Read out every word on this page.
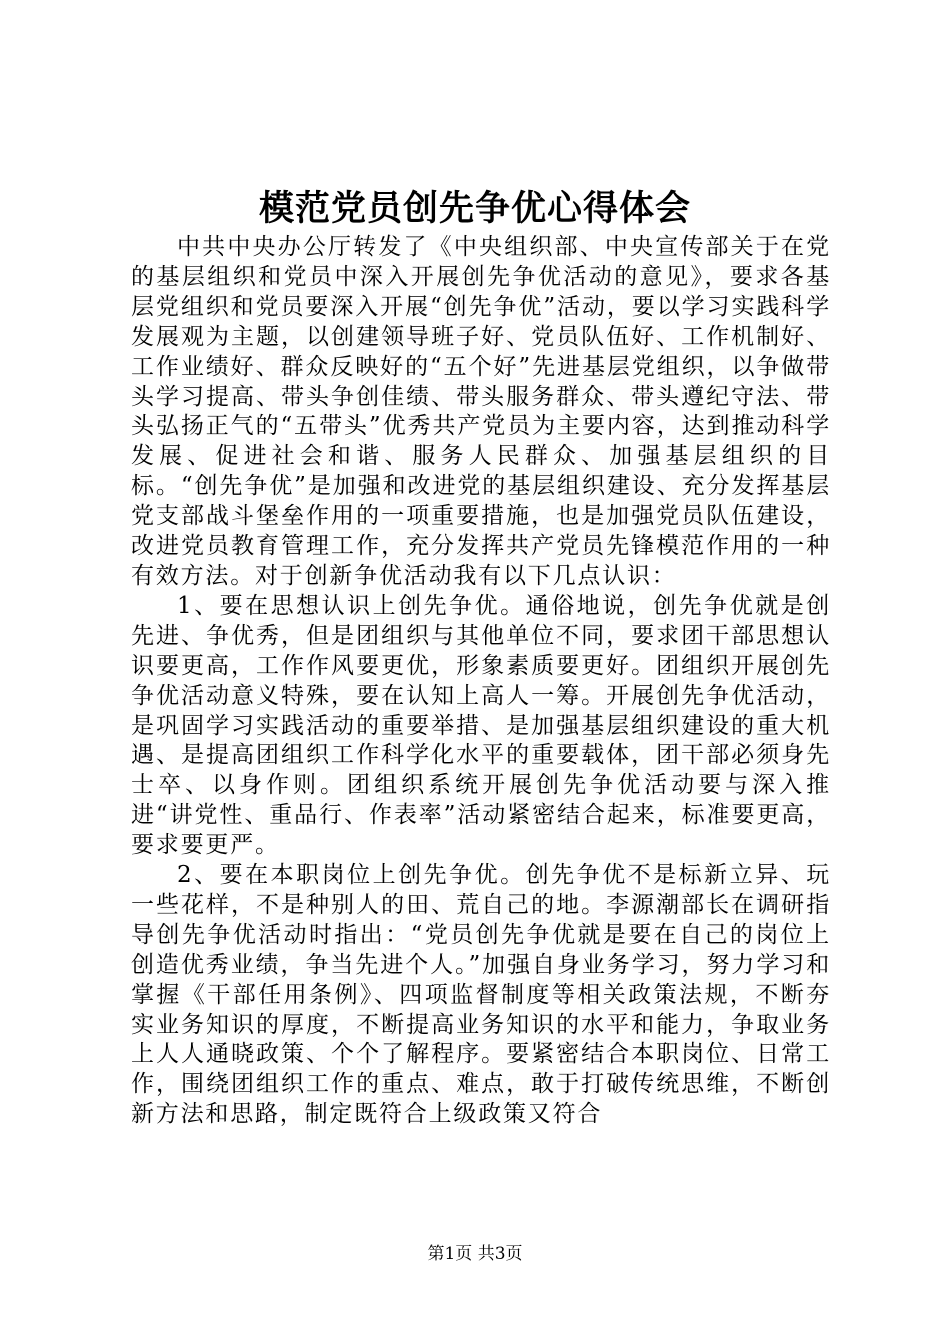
模范党员创先争优心得体会

中共中央办公厅转发了《中央组织部、中央宣传部关于在党的基层组织和党员中深入开展创先争优活动的意见》，要求各基层党组织和党员要深入开展“创先争优”活动，要以学习实践科学发展观为主题，以创建领导班子好、党员队伍好、工作机制好、工作业绩好、群众反映好的“五个好”先进基层党组织，以争做带头学习提高、带头争创佳绩、带头服务群众、带头遵纪守法、带头弘扬正气的“五带头”优秀共产党员为主要内容，达到推动科学发展、促进社会和谐、服务人民群众、加强基层组织的目标。“创先争优”是加强和改进党的基层组织建设、充分发挥基层党支部战斗堡垒作用的一项重要措施，也是加强党员队伍建设，改进党员教育管理工作，充分发挥共产党员先锋模范作用的一种有效方法。对于创新争优活动我有以下几点认识：

1、要在思想认识上创先争优。通俗地说，创先争优就是创先进、争优秀，但是团组织与其他单位不同，要求团干部思想认识要更高，工作作风要更优，形象素质要更好。团组织开展创先争优活动意义特殊，要在认知上高人一筹。开展创先争优活动，是巩固学习实践活动的重要举措、是加强基层组织建设的重大机遇、是提高团组织工作科学化水平的重要载体，团干部必须身先士卒、以身作则。团组织系统开展创先争优活动要与深入推进“讲党性、重品行、作表率”活动紧密结合起来，标准要更高，要求要更严。

2、要在本职岗位上创先争优。创先争优不是标新立异、玩一些花样，不是种别人的田、荒自己的地。李源潮部长在调研指导创先争优活动时指出：“党员创先争优就是要在自己的岗位上创造优秀业绩，争当先进个人。”加强自身业务学习，努力学习和掌握《干部任用条例》、四项监督制度等相关政策法规，不断夯实业务知识的厚度，不断提高业务知识的水平和能力，争取业务上人人通晓政策、个个了解程序。要紧密结合本职岗位、日常工作，围绕团组织工作的重点、难点，敢于打破传统思维，不断创新方法和思路，制定既符合上级政策又符合

第1页 共3页
